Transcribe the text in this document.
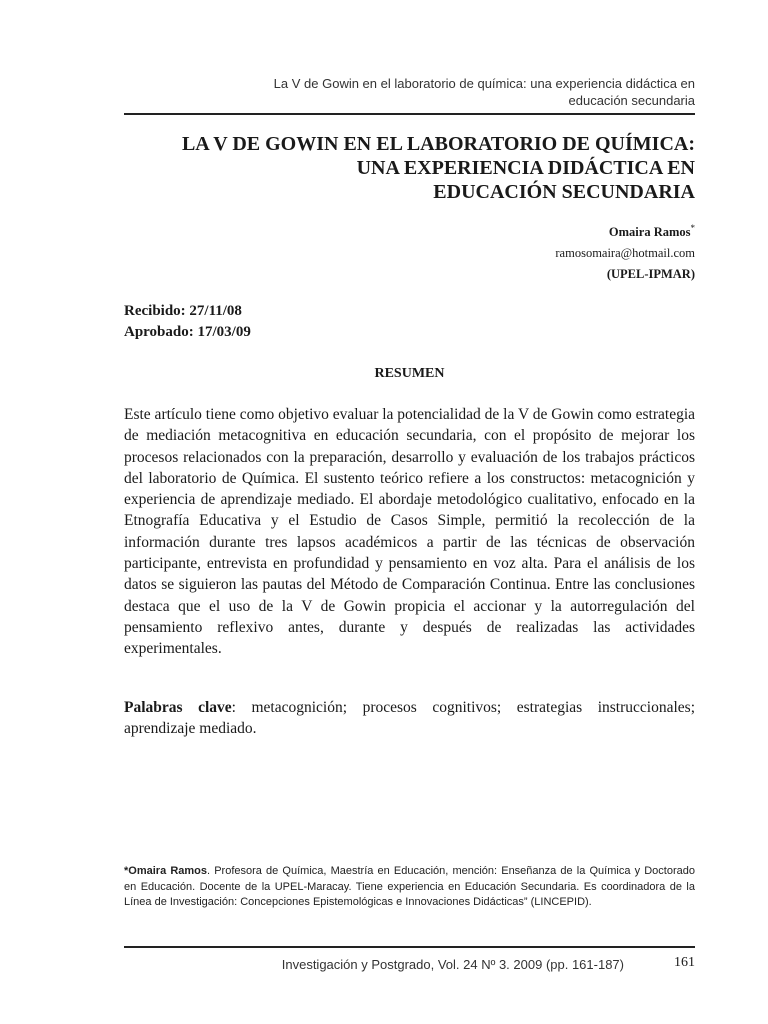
La V de Gowin en el laboratorio de química: una experiencia didáctica en
educación secundaria
LA V DE GOWIN EN EL LABORATORIO DE QUÍMICA:
UNA EXPERIENCIA DIDÁCTICA EN
EDUCACIÓN SECUNDARIA
Omaira Ramos*
ramosomaira@hotmail.com
(UPEL-IPMAR)
Recibido: 27/11/08
Aprobado: 17/03/09
RESUMEN

Este artículo tiene como objetivo evaluar la potencialidad de la V de Gowin como estrategia de mediación metacognitiva en educación secundaria, con el propósito de mejorar los procesos relacionados con la preparación, desarrollo y evaluación de los trabajos prácticos del laboratorio de Química. El sustento teórico refiere a los constructos: metacognición y experiencia de aprendizaje mediado. El abordaje metodológico cualitativo, enfocado en la Etnografía Educativa y el Estudio de Casos Simple, permitió la recolección de la información durante tres lapsos académicos a partir de las técnicas de observación participante, entrevista en profundidad y pensamiento en voz alta. Para el análisis de los datos se siguieron las pautas del Método de Comparación Continua. Entre las conclusiones destaca que el uso de la V de Gowin propicia el accionar y la autorregulación del pensamiento reflexivo antes, durante y después de realizadas las actividades experimentales.

Palabras clave: metacognición; procesos cognitivos; estrategias instruccionales; aprendizaje mediado.

*Omaira Ramos. Profesora de Química, Maestría en Educación, mención: Enseñanza de la Química y Doctorado en Educación. Docente de la UPEL-Maracay. Tiene experiencia en Educación Secundaria. Es coordinadora de la Línea de Investigación: Concepciones Epistemológicas e Innovaciones Didácticas” (LINCEPID).

Investigación y Postgrado, Vol. 24 Nº 3. 2009 (pp. 161-187)	161
